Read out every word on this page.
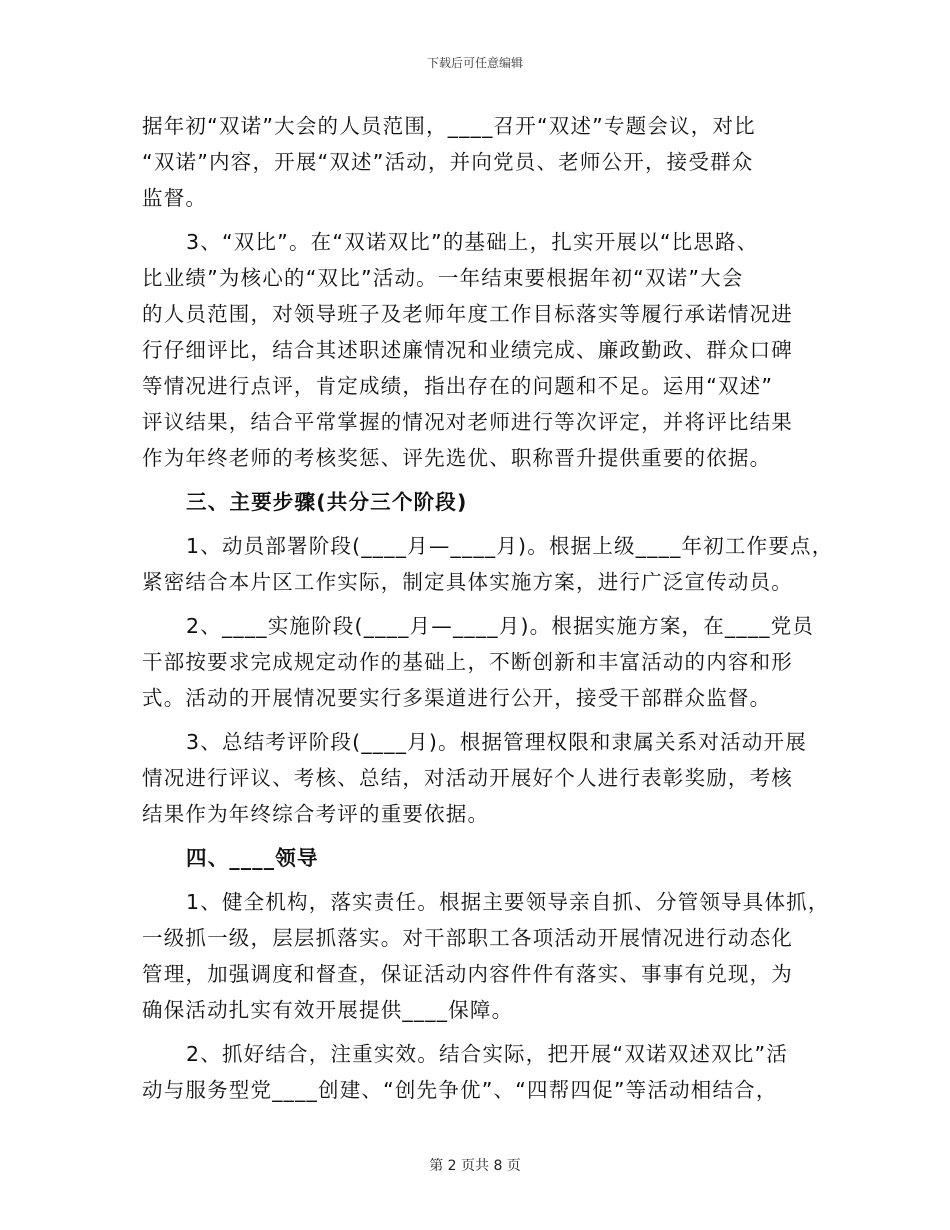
下载后可任意编辑
据年初“双诺”大会的人员范围，____召开“双述”专题会议，对比
“双诺”内容，开展“双述”活动，并向党员、老师公开，接受群众
监督。
3、“双比”。在“双诺双比”的基础上，扎实开展以“比思路、
比业绩”为核心的“双比”活动。一年结束要根据年初“双诺”大会
的人员范围，对领导班子及老师年度工作目标落实等履行承诺情况进
行仔细评比，结合其述职述廉情况和业绩完成、廉政勤政、群众口碑
等情况进行点评，肯定成绩，指出存在的问题和不足。运用“双述”
评议结果，结合平常掌握的情况对老师进行等次评定，并将评比结果
作为年终老师的考核奖惩、评先选优、职称晋升提供重要的依据。
三、主要步骤(共分三个阶段)
1、动员部署阶段(____月—____月)。根据上级____年初工作要点，
紧密结合本片区工作实际，制定具体实施方案，进行广泛宣传动员。
2、____实施阶段(____月—____月)。根据实施方案，在____党员
干部按要求完成规定动作的基础上，不断创新和丰富活动的内容和形
式。活动的开展情况要实行多渠道进行公开，接受干部群众监督。
3、总结考评阶段(____月)。根据管理权限和隶属关系对活动开展
情况进行评议、考核、总结，对活动开展好个人进行表彰奖励，考核
结果作为年终综合考评的重要依据。
四、____领导
1、健全机构，落实责任。根据主要领导亲自抓、分管领导具体抓，
一级抓一级，层层抓落实。对干部职工各项活动开展情况进行动态化
管理，加强调度和督查，保证活动内容件件有落实、事事有兑现，为
确保活动扎实有效开展提供____保障。
2、抓好结合，注重实效。结合实际，把开展“双诺双述双比”活
动与服务型党____创建、“创先争优”、“四帮四促”等活动相结合，
第 2 页共 8 页
